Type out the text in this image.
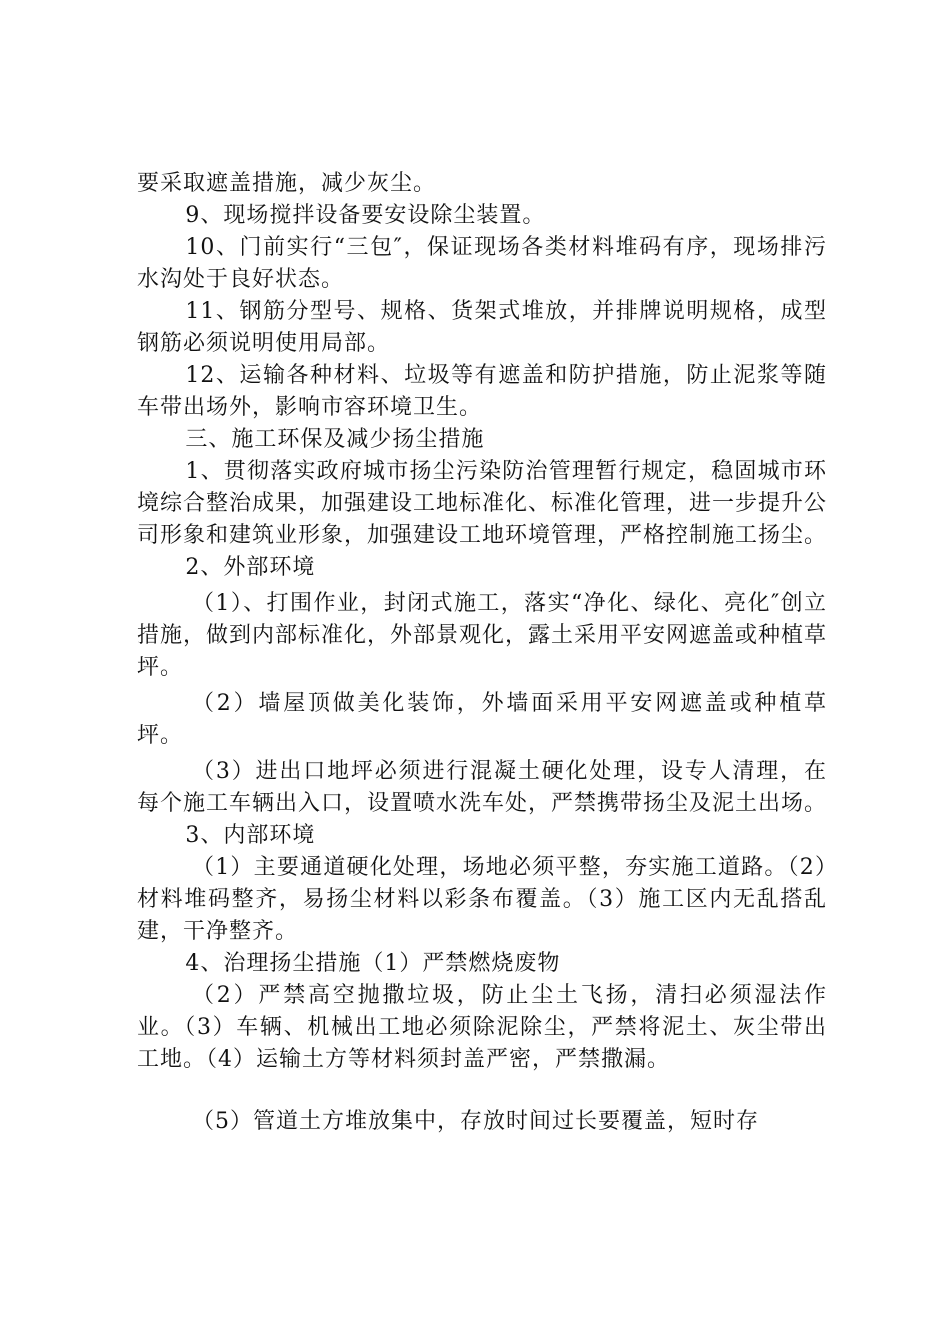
要采取遮盖措施，减少灰尘。

9、现场搅拌设备要安设除尘装置。

10、门前实行“三包″，保证现场各类材料堆码有序，现场排污水沟处于良好状态。

11、钢筋分型号、规格、货架式堆放，并排牌说明规格，成型钢筋必须说明使用局部。

12、运输各种材料、垃圾等有遮盖和防护措施，防止泥浆等随车带出场外，影响市容环境卫生。

三、施工环保及减少扬尘措施

1、贯彻落实政府城市扬尘污染防治管理暂行规定，稳固城市环境综合整治成果，加强建设工地标准化、标准化管理，进一步提升公司形象和建筑业形象，加强建设工地环境管理，严格控制施工扬尘。

2、外部环境

（1）、打围作业，封闭式施工，落实“净化、绿化、亮化″创立措施，做到内部标准化，外部景观化，露土采用平安网遮盖或种植草坪。

（2）墙屋顶做美化装饰，外墙面采用平安网遮盖或种植草坪。

（3）进出口地坪必须进行混凝土硬化处理，设专人清理，在每个施工车辆出入口，设置喷水洗车处，严禁携带扬尘及泥土出场。

3、内部环境

（1）主要通道硬化处理，场地必须平整，夯实施工道路。（2）材料堆码整齐，易扬尘材料以彩条布覆盖。（3）施工区内无乱搭乱建，干净整齐。

4、治理扬尘措施（1）严禁燃烧废物

（2）严禁高空抛撒垃圾，防止尘土飞扬，清扫必须湿法作业。（3）车辆、机械出工地必须除泥除尘，严禁将泥土、灰尘带出工地。（4）运输土方等材料须封盖严密，严禁撒漏。

（5）管道土方堆放集中，存放时间过长要覆盖，短时存
